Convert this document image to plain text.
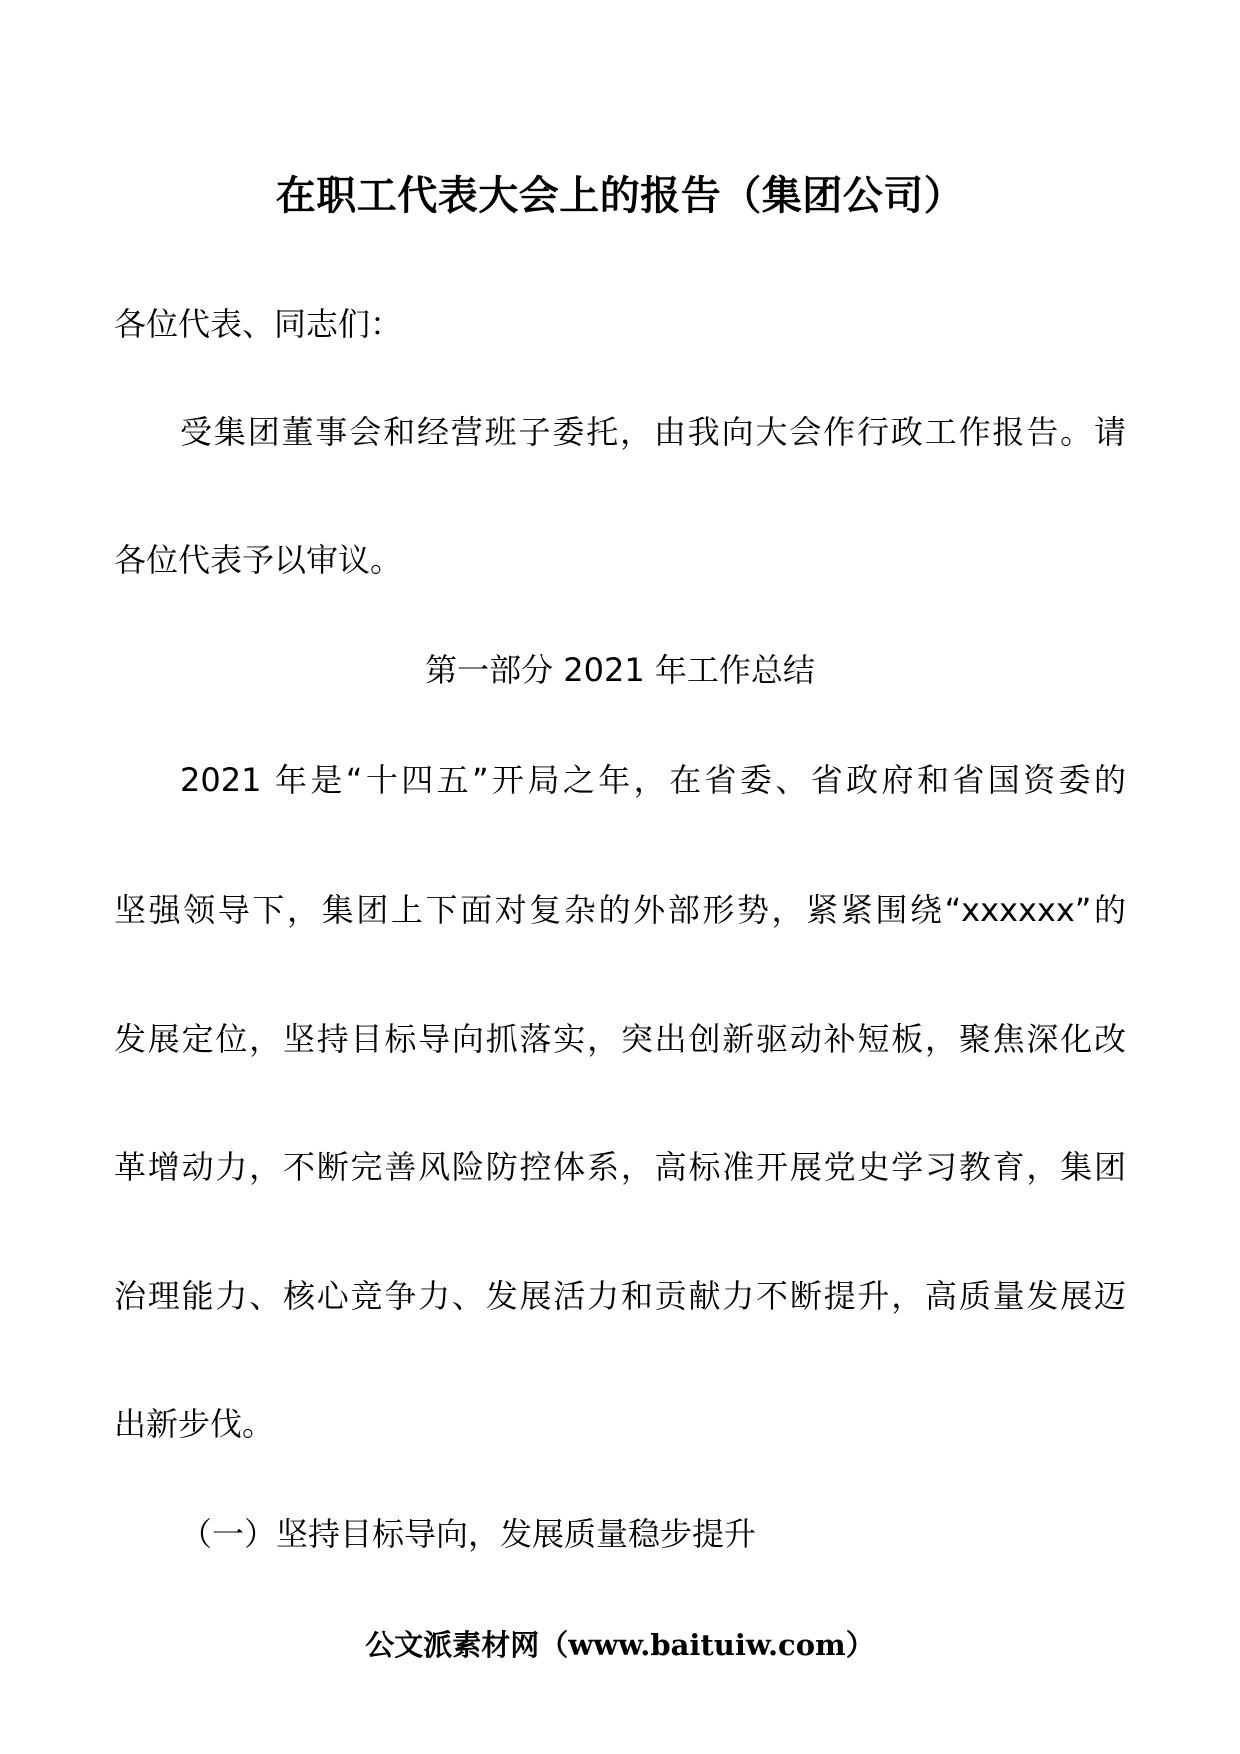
在职工代表大会上的报告（集团公司）
各位代表、同志们：
受集团董事会和经营班子委托，由我向大会作行政工作报告。请
各位代表予以审议。
第一部分 2021 年工作总结
2021 年是“十四五”开局之年，在省委、省政府和省国资委的
坚强领导下，集团上下面对复杂的外部形势，紧紧围绕“xxxxxx”的
发展定位，坚持目标导向抓落实，突出创新驱动补短板，聚焦深化改
革增动力，不断完善风险防控体系，高标准开展党史学习教育，集团
治理能力、核心竞争力、发展活力和贡献力不断提升，高质量发展迈
出新步伐。
（一）坚持目标导向，发展质量稳步提升
公文派素材网（www.baituiw.com）
